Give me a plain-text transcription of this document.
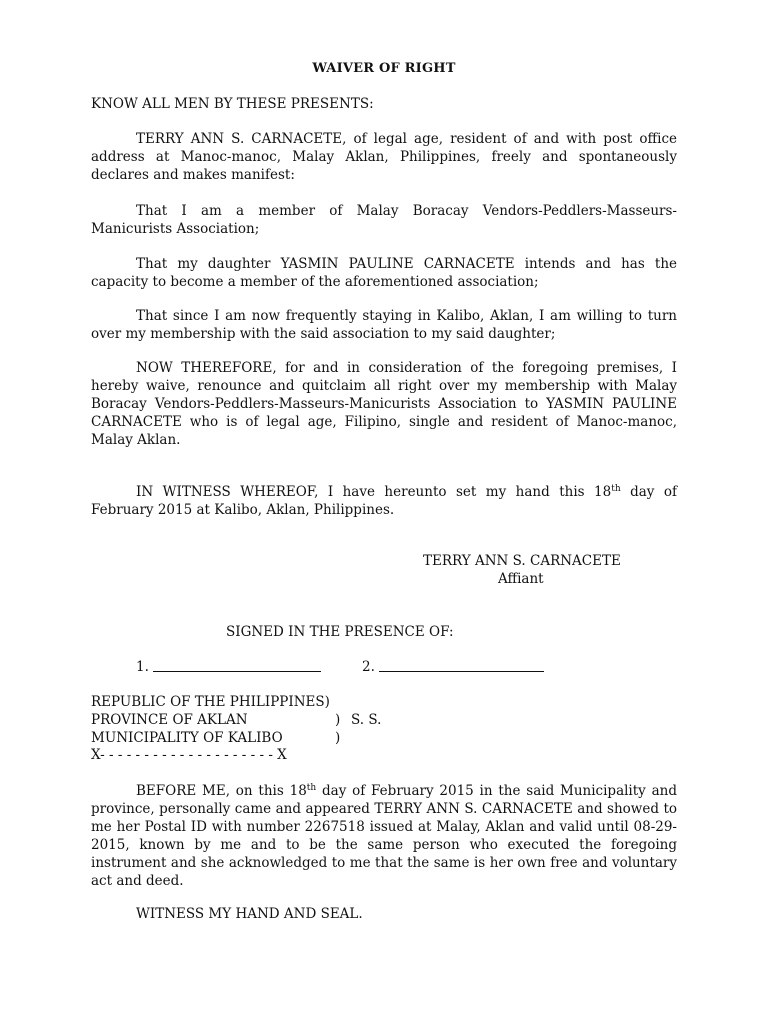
WAIVER OF RIGHT
KNOW ALL MEN BY THESE PRESENTS:
TERRY ANN S. CARNACETE, of legal age, resident of and with post office address at Manoc-manoc, Malay Aklan, Philippines, freely and spontaneously declares and makes manifest:
That I am a member of Malay Boracay Vendors-Peddlers-Masseurs-Manicurists Association;
That my daughter YASMIN PAULINE CARNACETE intends and has the capacity to become a member of the aforementioned association;
That since I am now frequently staying in Kalibo, Aklan, I am willing to turn over my membership with the said association to my said daughter;
NOW THEREFORE, for and in consideration of the foregoing premises, I hereby waive, renounce and quitclaim all right over my membership with Malay Boracay Vendors-Peddlers-Masseurs-Manicurists Association to YASMIN PAULINE CARNACETE who is of legal age, Filipino, single and resident of Manoc-manoc, Malay Aklan.
IN WITNESS WHEREOF, I have hereunto set my hand this 18th day of February 2015 at Kalibo, Aklan, Philippines.
TERRY ANN S. CARNACETE
Affiant
SIGNED IN THE PRESENCE OF:
1.	2.
REPUBLIC OF THE PHILIPPINES)
PROVINCE OF AKLAN	) S. S.
MUNICIPALITY OF KALIBO	)
X- - - - - - - - - - - - - - - - - - - - X
BEFORE ME, on this 18th day of February 2015 in the said Municipality and province, personally came and appeared TERRY ANN S. CARNACETE and showed to me her Postal ID with number 2267518 issued at Malay, Aklan and valid until 08-29-2015, known by me and to be the same person who executed the foregoing instrument and she acknowledged to me that the same is her own free and voluntary act and deed.
WITNESS MY HAND AND SEAL.
